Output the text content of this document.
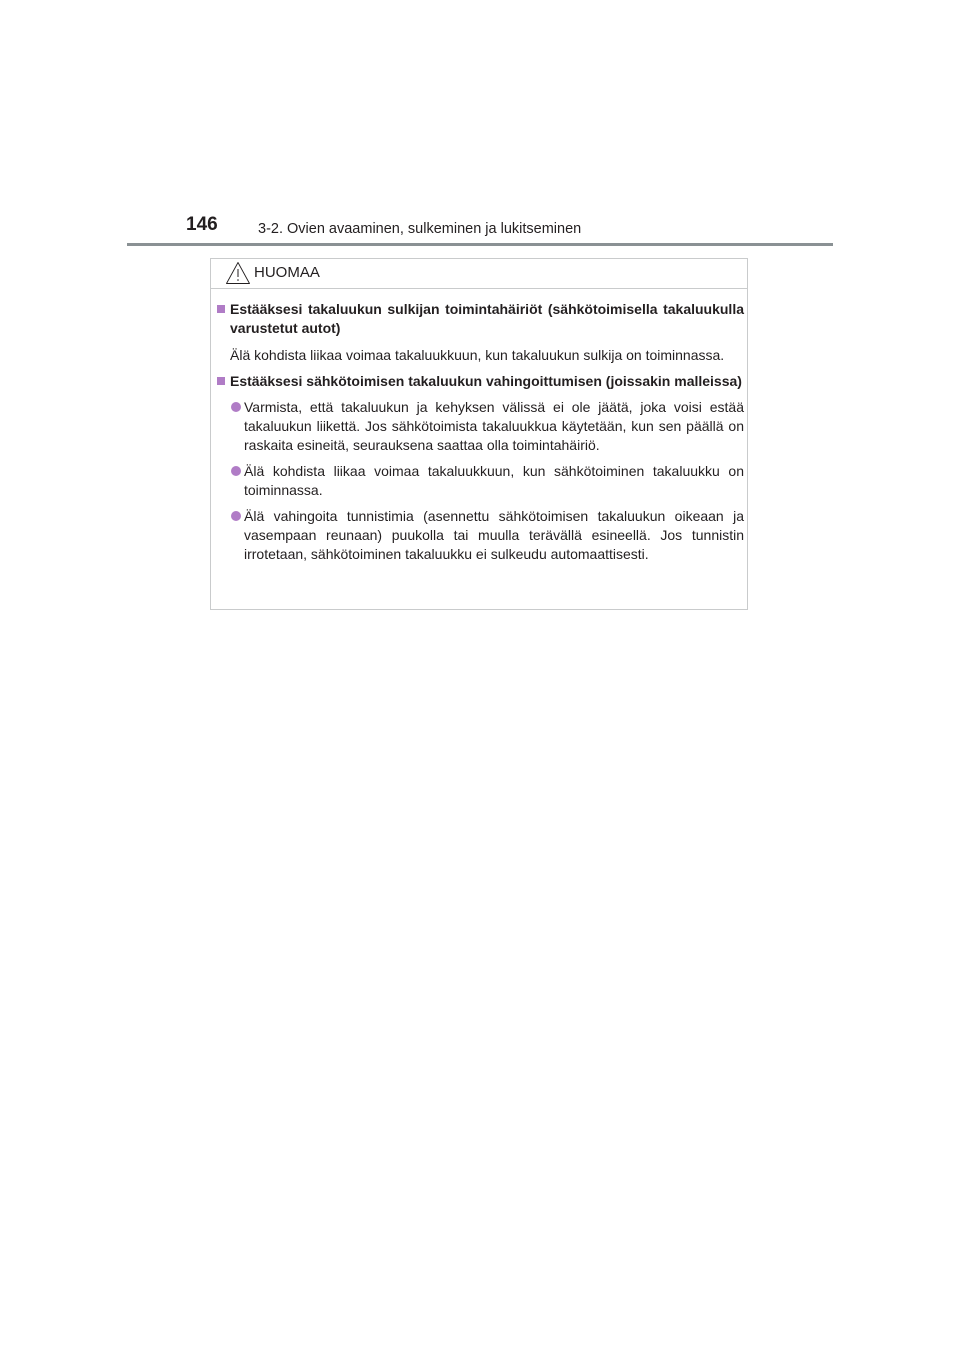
146	3-2. Ovien avaaminen, sulkeminen ja lukitseminen
HUOMAA
Estääksesi takaluukun sulkijan toimintahäiriöt (sähkötoimisella takaluukulla varustetut autot)
Älä kohdista liikaa voimaa takaluukkuun, kun takaluukun sulkija on toiminnassa.
Estääksesi sähkötoimisen takaluukun vahingoittumisen (joissakin malleissa)
Varmista, että takaluukun ja kehyksen välissä ei ole jäätä, joka voisi estää takaluukun liikettä. Jos sähkötoimista takaluukkua käytetään, kun sen päällä on raskaita esineitä, seurauksena saattaa olla toimintahäiriö.
Älä kohdista liikaa voimaa takaluukkuun, kun sähkötoiminen takaluukku on toiminnassa.
Älä vahingoita tunnistimia (asennettu sähkötoimisen takaluukun oikeaan ja vasempaan reunaan) puukolla tai muulla terävällä esineellä. Jos tunnistin irrotetaan, sähkötoiminen takaluukku ei sulkeudu automaattisesti.
